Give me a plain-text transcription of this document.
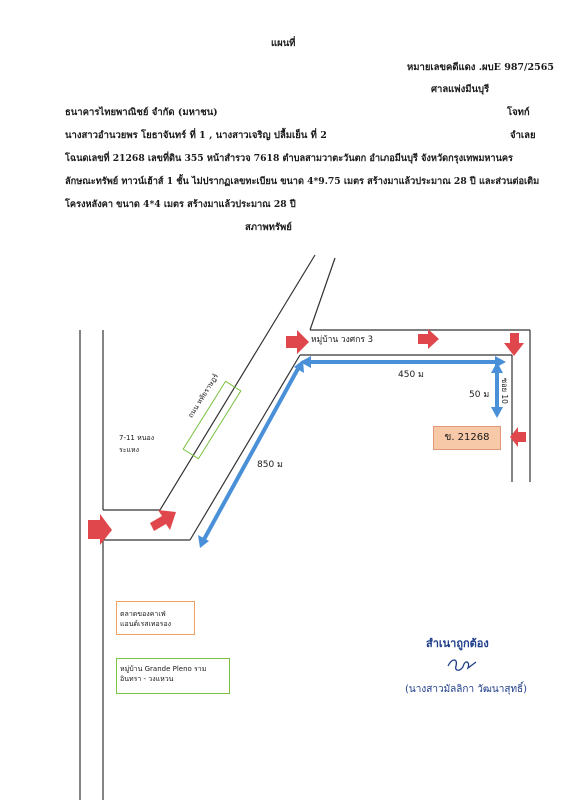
แผนที่
หมายเลขคดีแดง .ผบE 987/2565
ศาลแพ่งมีนบุรี
ธนาคารไทยพาณิชย์ จำกัด (มหาชน)	โจทก์
นางสาวอำนวยพร โยธาจันทร์ ที่ 1 , นางสาวเจริญ ปลื้มเย็น ที่ 2	จำเลย
โฉนดเลขที่ 21268 เลขที่ดิน 355 หน้าสำรวจ 7618 ตำบลสามวาตะวันตก อำเภอมีนบุรี จังหวัดกรุงเทพมหานคร
ลักษณะทรัพย์ ทาวน์เฮ้าส์ 1 ชั้น ไม่ปรากฏเลขทะเบียน ขนาด 4*9.75 เมตร สร้างมาแล้วประมาณ 28 ปี และส่วนต่อเติม
โครงหลังคา ขนาด 4*4 เมตร สร้างมาแล้วประมาณ 28 ปี
สภาพทรัพย์
หมู่บ้าน วงศกร 3
ถนน หทัยราษฎร์	ซอย 10
450 ม
50 ม
850 ม
ข. 21268
7-11 หนองระแหง
ตลาดของคาเฟ่
แอนด์เรสเทอรอง
หมู่บ้าน Grande Pleno ราม
อินทรา - วงแหวน
สำเนาถูกต้อง
(นางสาวมัลลิกา วัฒนาสุทธิ์)
